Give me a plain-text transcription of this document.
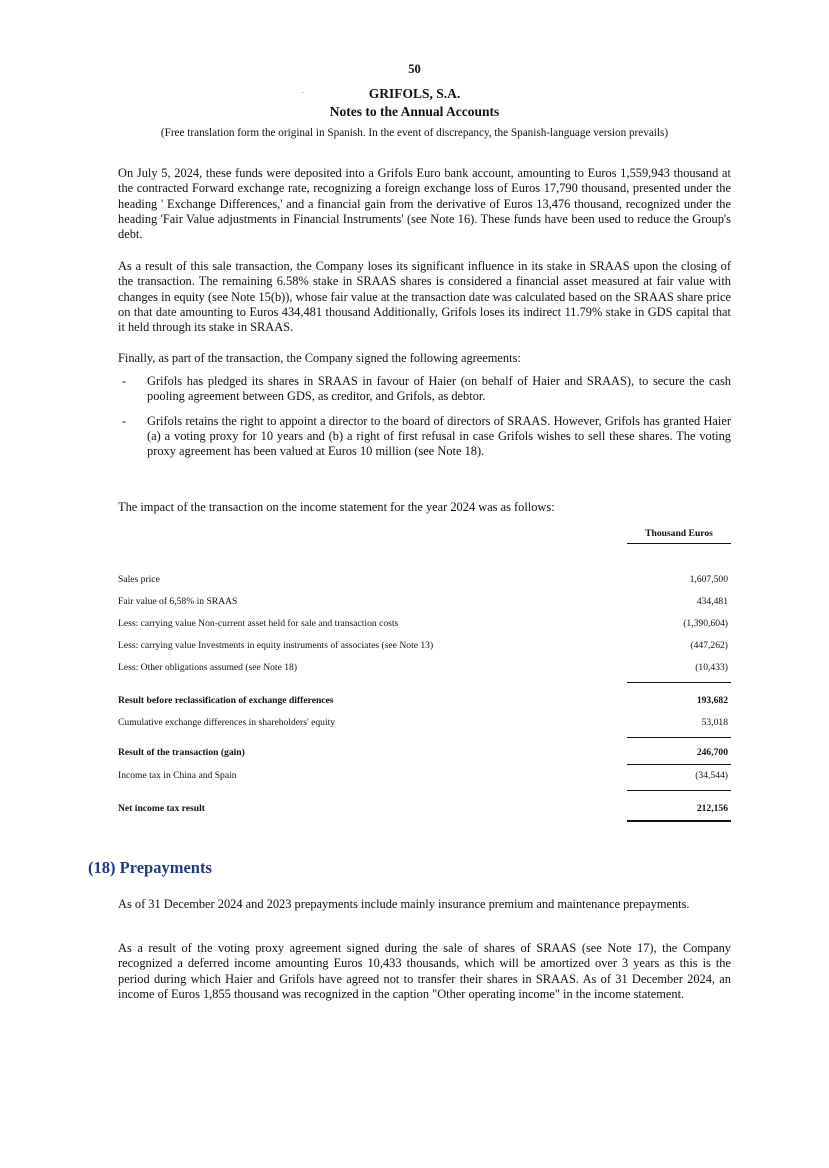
50
GRIFOLS, S.A.
Notes to the Annual Accounts
(Free translation form the original in Spanish. In the event of discrepancy, the Spanish-language version prevails)
On July 5, 2024, these funds were deposited into a Grifols Euro bank account, amounting to Euros 1,559,943 thousand at the contracted Forward exchange rate, recognizing a foreign exchange loss of Euros 17,790 thousand, presented under the heading ' Exchange Differences,' and a financial gain from the derivative of Euros 13,476 thousand, recognized under the heading 'Fair Value adjustments in Financial Instruments' (see Note 16). These funds have been used to reduce the Group's debt.
As a result of this sale transaction, the Company loses its significant influence in its stake in SRAAS upon the closing of the transaction. The remaining 6.58% stake in SRAAS shares is considered a financial asset measured at fair value with changes in equity (see Note 15(b)), whose fair value at the transaction date was calculated based on the SRAAS share price on that date amounting to Euros 434,481 thousand Additionally, Grifols loses its indirect 11.79% stake in GDS capital that it held through its stake in SRAAS.
Finally, as part of the transaction, the Company signed the following agreements:
- Grifols has pledged its shares in SRAAS in favour of Haier (on behalf of Haier and SRAAS), to secure the cash pooling agreement between GDS, as creditor, and Grifols, as debtor.
- Grifols retains the right to appoint a director to the board of directors of SRAAS. However, Grifols has granted Haier (a) a voting proxy for 10 years and (b) a right of first refusal in case Grifols wishes to sell these shares. The voting proxy agreement has been valued at Euros 10 million (see Note 18).
The impact of the transaction on the income statement for the year 2024 was as follows:
Thousand Euros
Sales price	1,607,500
Fair value of 6,58% in SRAAS	434,481
Less: carrying value Non-current asset held for sale and transaction costs	(1,390,604)
Less: carrying value Investments in equity instruments of associates (see Note 13)	(447,262)
Less: Other obligations assumed (see Note 18)	(10,433)
Result before reclassification of exchange differences	193,682
Cumulative exchange differences in shareholders' equity	53,018
Result of the transaction (gain)	246,700
Income tax in China and Spain	(34,544)
Net income tax result	212,156
(18) Prepayments
As of 31 December 2024 and 2023 prepayments include mainly insurance premium and maintenance prepayments.
As a result of the voting proxy agreement signed during the sale of shares of SRAAS (see Note 17), the Company recognized a deferred income amounting Euros 10,433 thousands, which will be amortized over 3 years as this is the period during which Haier and Grifols have agreed not to transfer their shares in SRAAS. As of 31 December 2024, an income of Euros 1,855 thousand was recognized in the caption "Other operating income" in the income statement.
